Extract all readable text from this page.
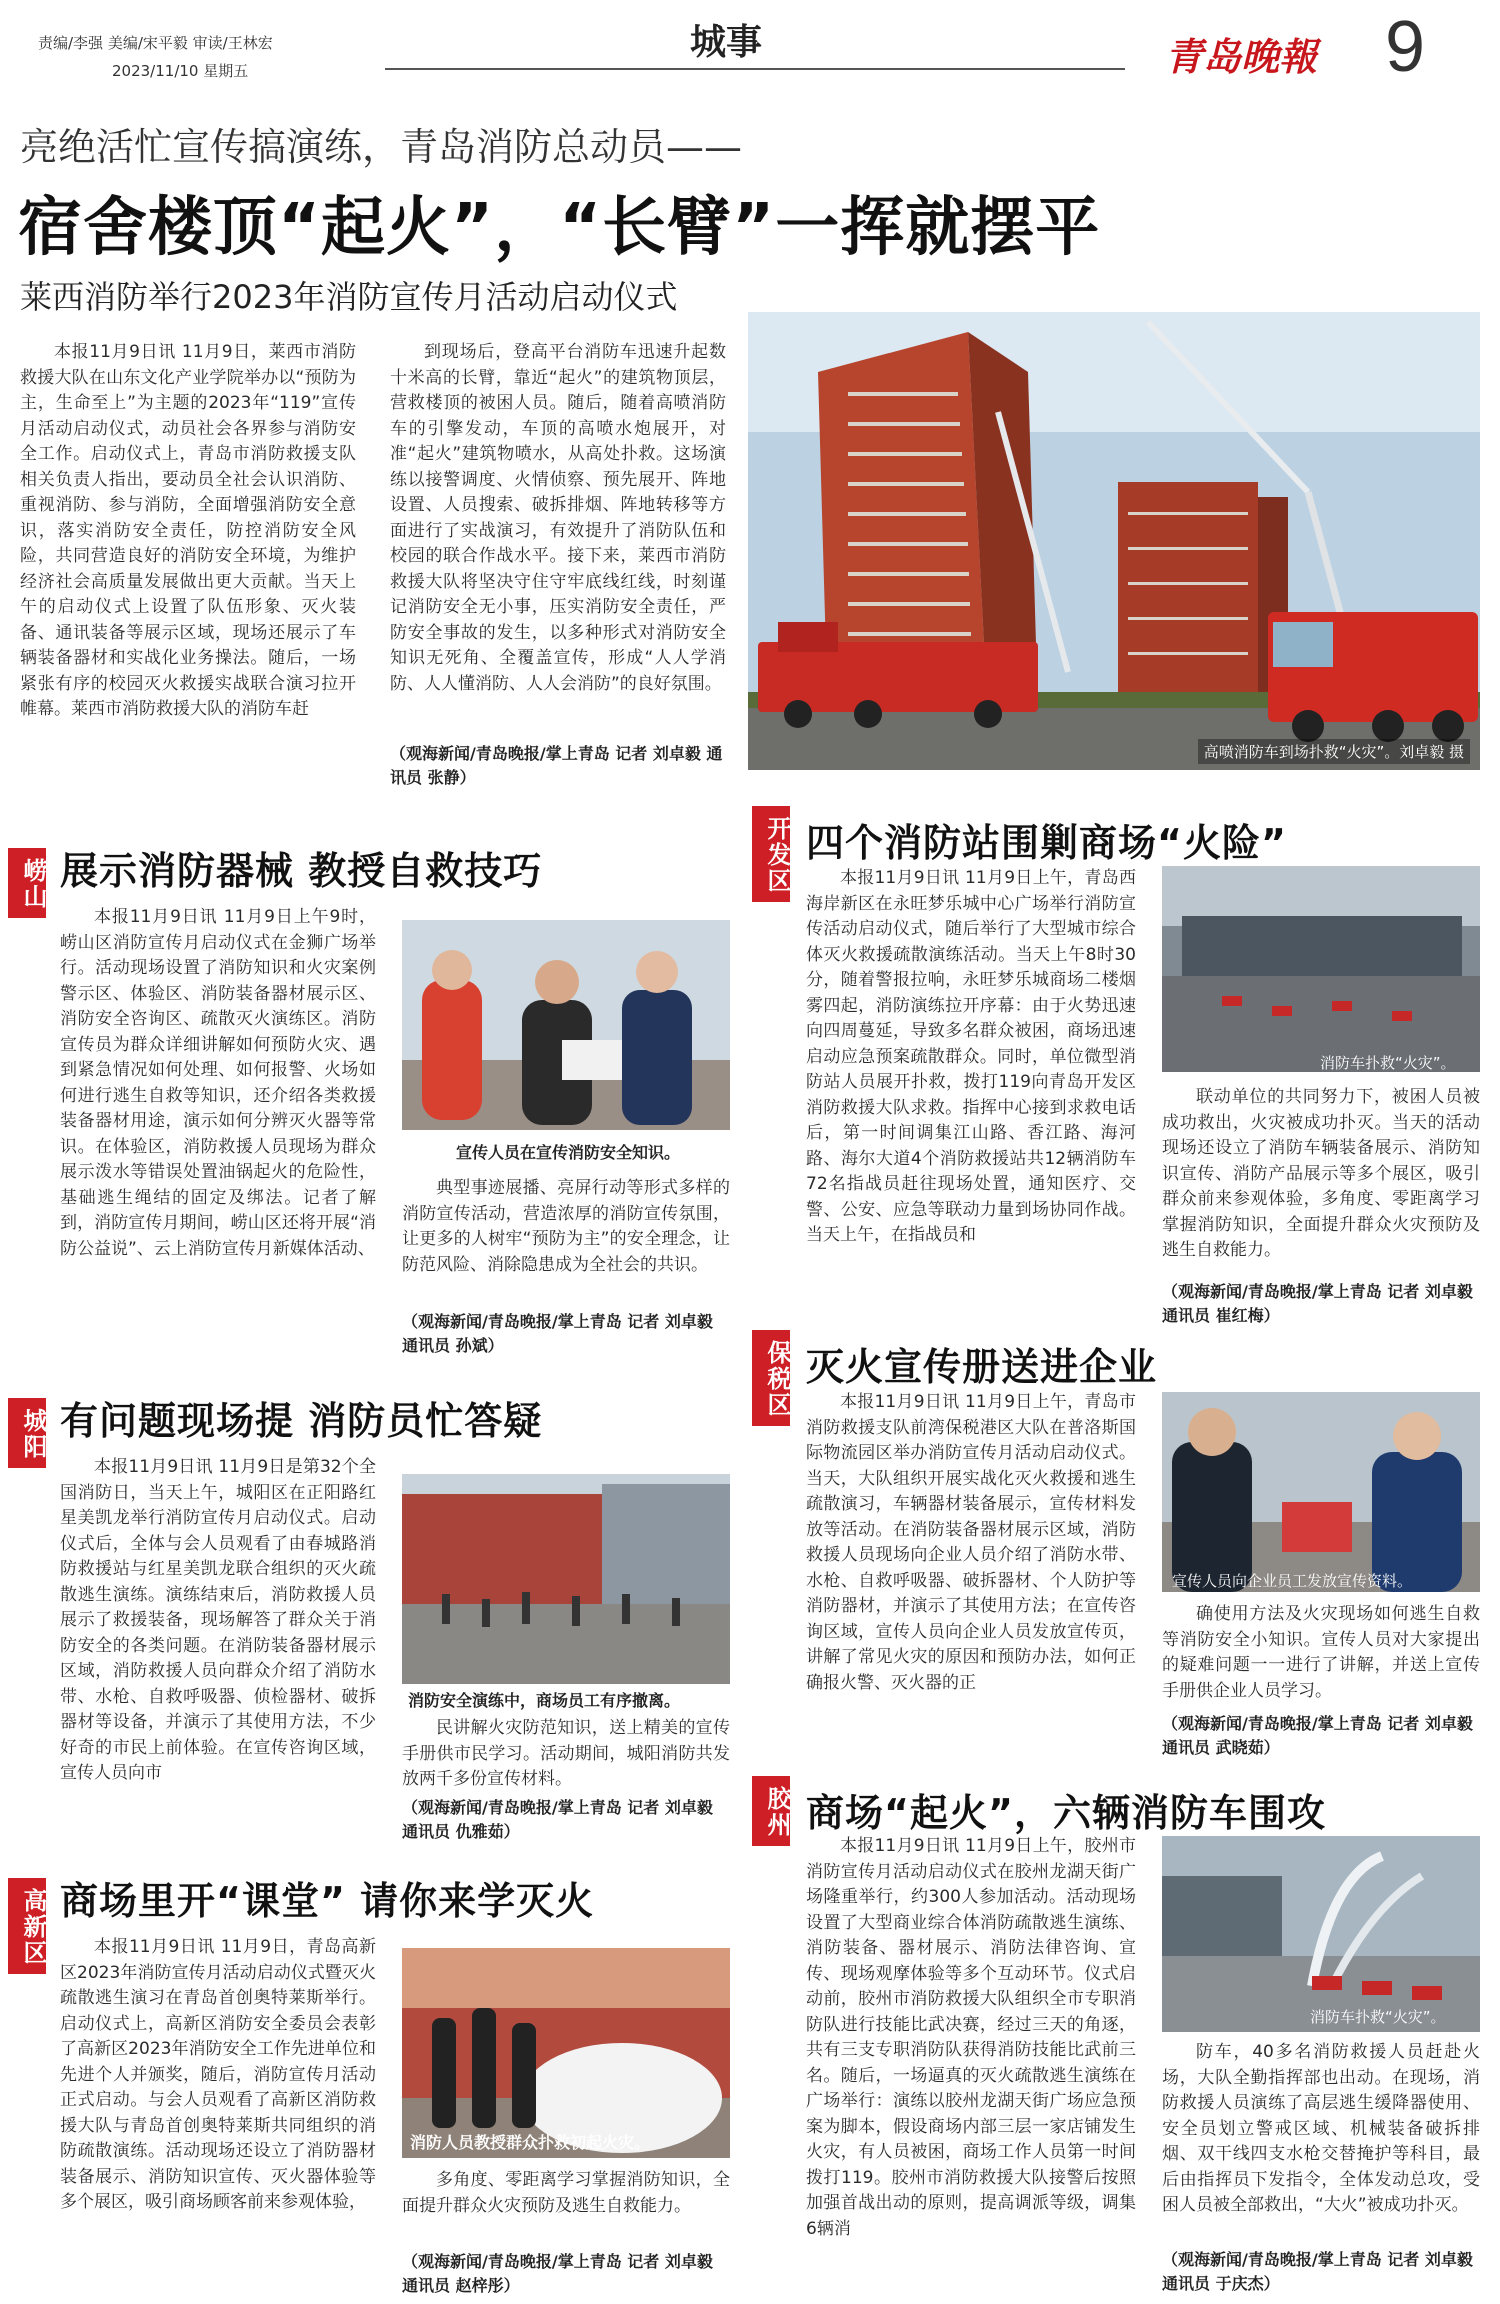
责编/李强 美编/宋平毅 审读/王林宏
2023/11/10 星期五
城事	青岛晚報 9
亮绝活忙宣传搞演练，青岛消防总动员——
宿舍楼顶“起火”，“长臂”一挥就摆平
莱西消防举行2023年消防宣传月活动启动仪式
本报11月9日讯 11月9日，莱西市消防救援大队在山东文化产业学院举办以“预防为主，生命至上”为主题的2023年“119”宣传月活动启动仪式，动员社会各界参与消防安全工作。启动仪式上，青岛市消防救援支队相关负责人指出，要动员全社会认识消防、重视消防、参与消防，全面增强消防安全意识，落实消防安全责任，防控消防安全风险，共同营造良好的消防安全环境，为维护经济社会高质量发展做出更大贡献。当天上午的启动仪式上设置了队伍形象、灭火装备、通讯装备等展示区域，现场还展示了车辆装备器材和实战化业务操法。随后，一场紧张有序的校园灭火救援实战联合演习拉开帷幕。莱西市消防救援大队的消防车赶
到现场后，登高平台消防车迅速升起数十米高的长臂，靠近“起火”的建筑物顶层，营救楼顶的被困人员。随后，随着高喷消防车的引擎发动，车顶的高喷水炮展开，对准“起火”建筑物喷水，从高处扑救。这场演练以接警调度、火情侦察、预先展开、阵地设置、人员搜索、破拆排烟、阵地转移等方面进行了实战演习，有效提升了消防队伍和校园的联合作战水平。接下来，莱西市消防救援大队将坚决守住守牢底线红线，时刻谨记消防安全无小事，压实消防安全责任，严防安全事故的发生，以多种形式对消防安全知识无死角、全覆盖宣传，形成“人人学消防、人人懂消防、人人会消防”的良好氛围。
（观海新闻/青岛晚报/掌上青岛 记者 刘卓毅 通讯员 张静）
高喷消防车到场扑救“火灾”。刘卓毅 摄
崂山 展示消防器械 教授自救技巧
本报11月9日讯 11月9日上午9时，崂山区消防宣传月启动仪式在金狮广场举行。活动现场设置了消防知识和火灾案例警示区、体验区、消防装备器材展示区、消防安全咨询区、疏散灭火演练区。消防宣传员为群众详细讲解如何预防火灾、遇到紧急情况如何处理、如何报警、火场如何进行逃生自救等知识，还介绍各类救援装备器材用途，演示如何分辨灭火器等常识。在体验区，消防救援人员现场为群众展示泼水等错误处置油锅起火的危险性，基础逃生绳结的固定及绑法。记者了解到，消防宣传月期间，崂山区还将开展“消防公益说”、云上消防宣传月新媒体活动、
宣传人员在宣传消防安全知识。
典型事迹展播、亮屏行动等形式多样的消防宣传活动，营造浓厚的消防宣传氛围，让更多的人树牢“预防为主”的安全理念，让防范风险、消除隐患成为全社会的共识。
（观海新闻/青岛晚报/掌上青岛 记者 刘卓毅 通讯员 孙斌）
城阳 有问题现场提 消防员忙答疑
本报11月9日讯 11月9日是第32个全国消防日，当天上午，城阳区在正阳路红星美凯龙举行消防宣传月启动仪式。启动仪式后，全体与会人员观看了由春城路消防救援站与红星美凯龙联合组织的灭火疏散逃生演练。演练结束后，消防救援人员展示了救援装备，现场解答了群众关于消防安全的各类问题。在消防装备器材展示区域，消防救援人员向群众介绍了消防水带、水枪、自救呼吸器、侦检器材、破拆器材等设备，并演示了其使用方法，不少好奇的市民上前体验。在宣传咨询区域，宣传人员向市
消防安全演练中，商场员工有序撤离。
民讲解火灾防范知识，送上精美的宣传手册供市民学习。活动期间，城阳消防共发放两千多份宣传材料。
（观海新闻/青岛晚报/掌上青岛 记者 刘卓毅 通讯员 仇雅茹）
高新区 商场里开“课堂” 请你来学灭火
本报11月9日讯 11月9日，青岛高新区2023年消防宣传月活动启动仪式暨灭火疏散逃生演习在青岛首创奥特莱斯举行。启动仪式上，高新区消防安全委员会表彰了高新区2023年消防安全工作先进单位和先进个人并颁奖，随后，消防宣传月活动正式启动。与会人员观看了高新区消防救援大队与青岛首创奥特莱斯共同组织的消防疏散演练。活动现场还设立了消防器材装备展示、消防知识宣传、灭火器体验等多个展区，吸引商场顾客前来参观体验，
消防人员教授群众扑救初起火灾。
多角度、零距离学习掌握消防知识，全面提升群众火灾预防及逃生自救能力。
（观海新闻/青岛晚报/掌上青岛 记者 刘卓毅 通讯员 赵梓彤）
开发区 四个消防站围剿商场“火险”
本报11月9日讯 11月9日上午，青岛西海岸新区在永旺梦乐城中心广场举行消防宣传活动启动仪式，随后举行了大型城市综合体灭火救援疏散演练活动。当天上午8时30分，随着警报拉响，永旺梦乐城商场二楼烟雾四起，消防演练拉开序幕：由于火势迅速向四周蔓延，导致多名群众被困，商场迅速启动应急预案疏散群众。同时，单位微型消防站人员展开扑救，拨打119向青岛开发区消防救援大队求救。指挥中心接到求救电话后，第一时间调集江山路、香江路、海河路、海尔大道4个消防救援站共12辆消防车72名指战员赶往现场处置，通知医疗、交警、公安、应急等联动力量到场协同作战。当天上午，在指战员和
消防车扑救“火灾”。
联动单位的共同努力下，被困人员被成功救出，火灾被成功扑灭。当天的活动现场还设立了消防车辆装备展示、消防知识宣传、消防产品展示等多个展区，吸引群众前来参观体验，多角度、零距离学习掌握消防知识，全面提升群众火灾预防及逃生自救能力。
（观海新闻/青岛晚报/掌上青岛 记者 刘卓毅 通讯员 崔红梅）
保税区 灭火宣传册送进企业
本报11月9日讯 11月9日上午，青岛市消防救援支队前湾保税港区大队在普洛斯国际物流园区举办消防宣传月活动启动仪式。当天，大队组织开展实战化灭火救援和逃生疏散演习，车辆器材装备展示，宣传材料发放等活动。在消防装备器材展示区域，消防救援人员现场向企业人员介绍了消防水带、水枪、自救呼吸器、破拆器材、个人防护等消防器材，并演示了其使用方法；在宣传咨询区域，宣传人员向企业人员发放宣传页，讲解了常见火灾的原因和预防办法，如何正确报火警、灭火器的正
宣传人员向企业员工发放宣传资料。
确使用方法及火灾现场如何逃生自救等消防安全小知识。宣传人员对大家提出的疑难问题一一进行了讲解，并送上宣传手册供企业人员学习。
（观海新闻/青岛晚报/掌上青岛 记者 刘卓毅 通讯员 武晓茹）
胶州 商场“起火”，六辆消防车围攻
本报11月9日讯 11月9日上午，胶州市消防宣传月活动启动仪式在胶州龙湖天街广场隆重举行，约300人参加活动。活动现场设置了大型商业综合体消防疏散逃生演练、消防装备、器材展示、消防法律咨询、宣传、现场观摩体验等多个互动环节。仪式启动前，胶州市消防救援大队组织全市专职消防队进行技能比武决赛，经过三天的角逐，共有三支专职消防队获得消防技能比武前三名。随后，一场逼真的灭火疏散逃生演练在广场举行：演练以胶州龙湖天街广场应急预案为脚本，假设商场内部三层一家店铺发生火灾，有人员被困，商场工作人员第一时间拨打119。胶州市消防救援大队接警后按照加强首战出动的原则，提高调派等级，调集6辆消
消防车扑救“火灾”。
防车，40多名消防救援人员赶赴火场，大队全勤指挥部也出动。在现场，消防救援人员演练了高层逃生缓降器使用、安全员划立警戒区域、机械装备破拆排烟、双干线四支水枪交替掩护等科目，最后由指挥员下发指令，全体发动总攻，受困人员被全部救出，“大火”被成功扑灭。
（观海新闻/青岛晚报/掌上青岛 记者 刘卓毅 通讯员 于庆杰）
